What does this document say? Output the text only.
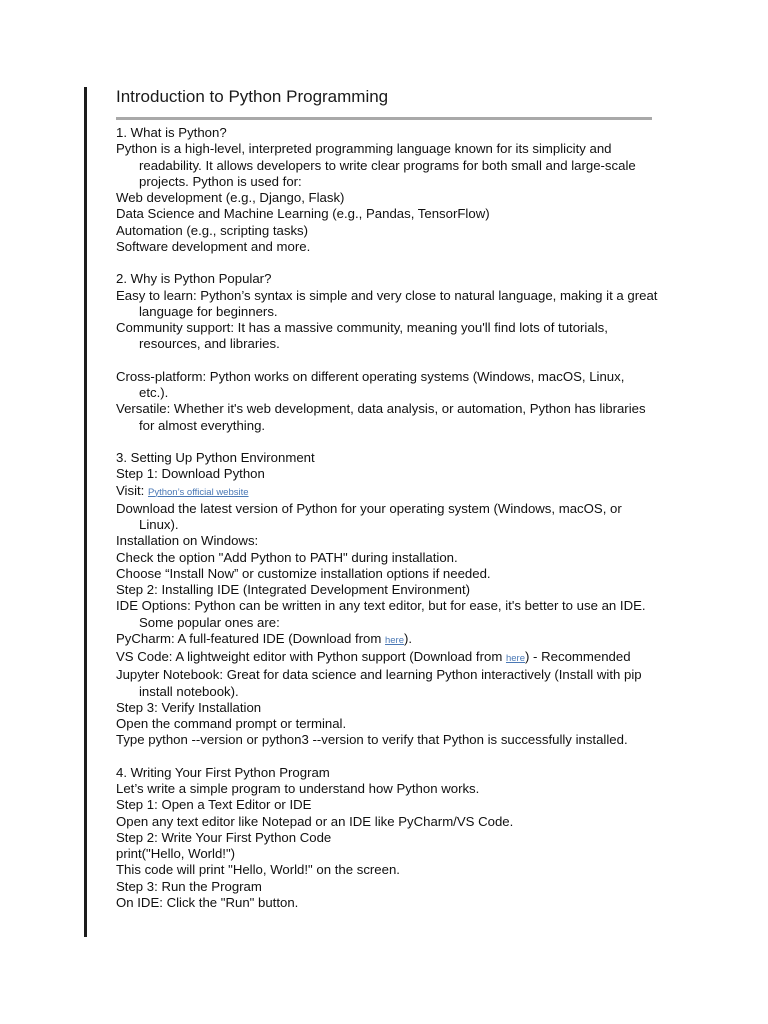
Introduction to Python Programming
1. What is Python?
Python is a high-level, interpreted programming language known for its simplicity and
readability. It allows developers to write clear programs for both small and large-scale
projects. Python is used for:
Web development (e.g., Django, Flask)
Data Science and Machine Learning (e.g., Pandas, TensorFlow)
Automation (e.g., scripting tasks)
Software development and more.
2. Why is Python Popular?
Easy to learn: Python’s syntax is simple and very close to natural language, making it a great
language for beginners.
Community support: It has a massive community, meaning you'll find lots of tutorials,
resources, and libraries.
Cross-platform: Python works on different operating systems (Windows, macOS, Linux,
etc.).
Versatile: Whether it's web development, data analysis, or automation, Python has libraries
for almost everything.
3. Setting Up Python Environment
Step 1: Download Python
Visit: Python’s official website
Download the latest version of Python for your operating system (Windows, macOS, or
Linux).
Installation on Windows:
Check the option "Add Python to PATH" during installation.
Choose “Install Now” or customize installation options if needed.
Step 2: Installing IDE (Integrated Development Environment)
IDE Options: Python can be written in any text editor, but for ease, it's better to use an IDE.
Some popular ones are:
PyCharm: A full-featured IDE (Download from here).
VS Code: A lightweight editor with Python support (Download from here) - Recommended
Jupyter Notebook: Great for data science and learning Python interactively (Install with pip
install notebook).
Step 3: Verify Installation
Open the command prompt or terminal.
Type python --version or python3 --version to verify that Python is successfully installed.
4. Writing Your First Python Program
Let’s write a simple program to understand how Python works.
Step 1: Open a Text Editor or IDE
Open any text editor like Notepad or an IDE like PyCharm/VS Code.
Step 2: Write Your First Python Code
print("Hello, World!")
This code will print "Hello, World!" on the screen.
Step 3: Run the Program
On IDE: Click the "Run" button.
